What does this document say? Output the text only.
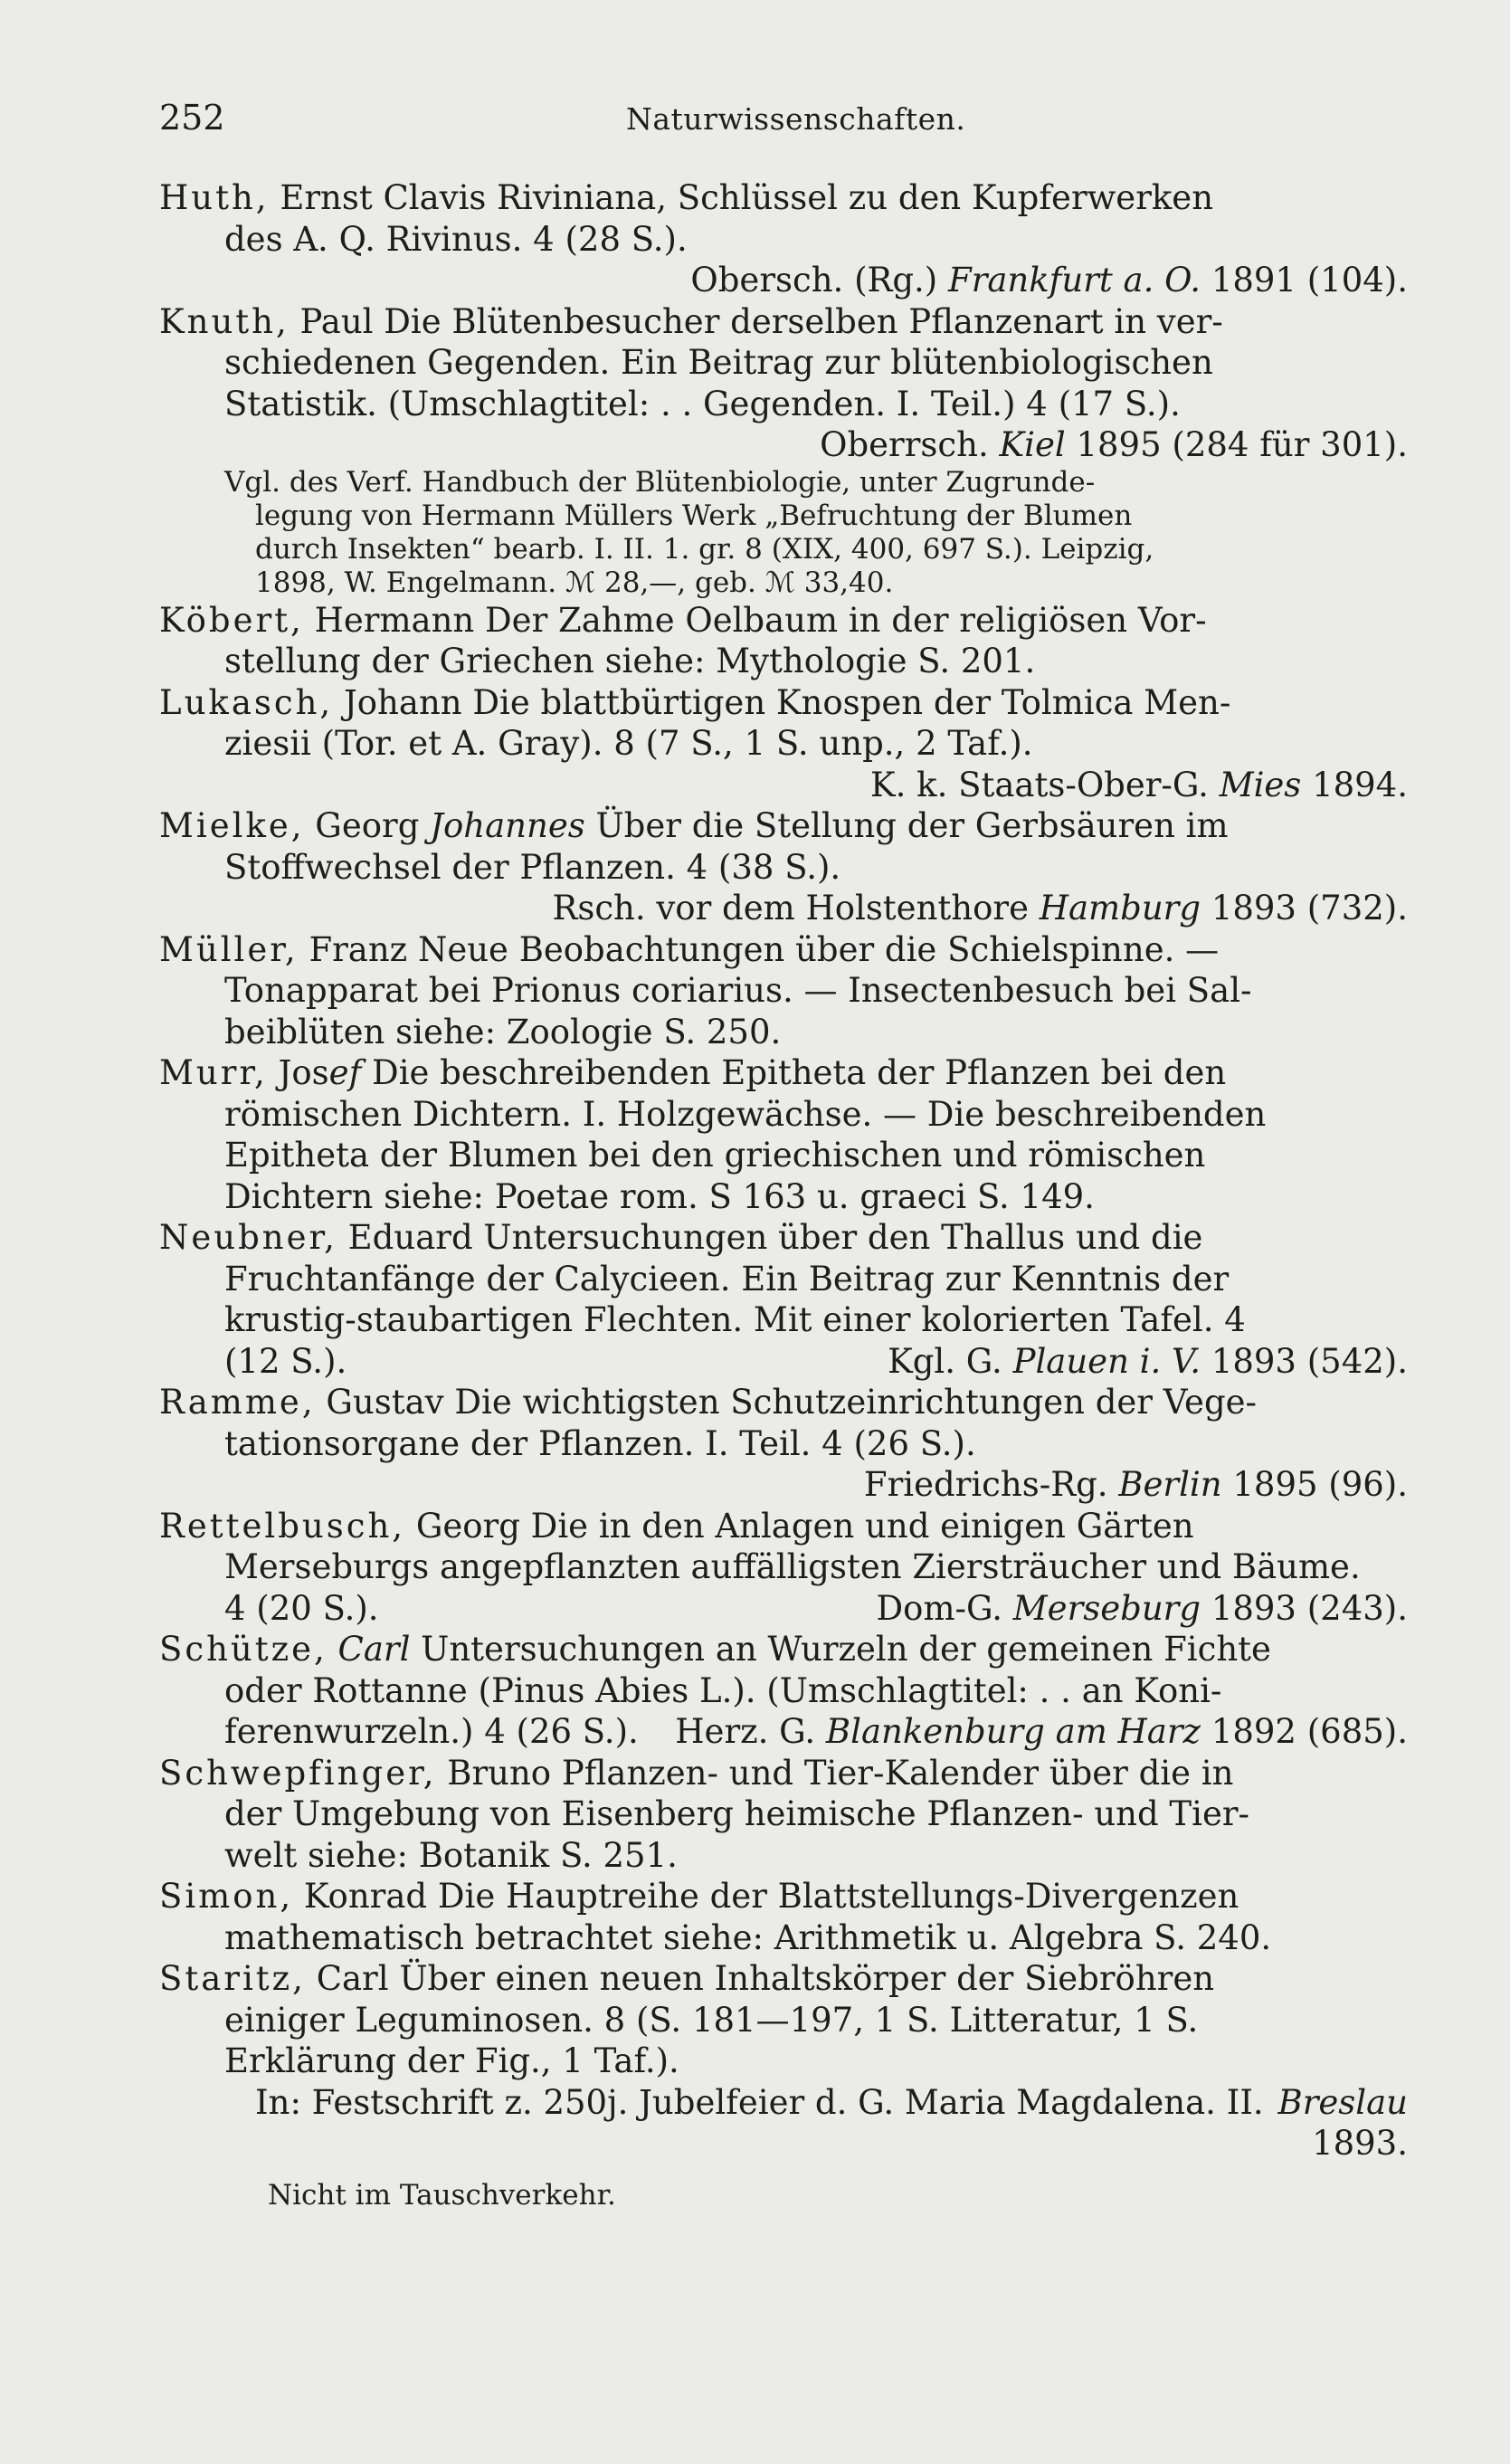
252	Naturwissenschaften.
Huth, Ernst Clavis Riviniana, Schlüssel zu den Kupferwerken
des A. Q. Rivinus. 4 (28 S.).
Obersch. (Rg.) Frankfurt a. O. 1891 (104).
Knuth, Paul Die Blütenbesucher derselben Pflanzenart in ver-
schiedenen Gegenden. Ein Beitrag zur blütenbiologischen
Statistik. (Umschlagtitel: . . Gegenden. I. Teil.) 4 (17 S.).
Oberrsch. Kiel 1895 (284 für 301).
Vgl. des Verf. Handbuch der Blütenbiologie, unter Zugrunde-
legung von Hermann Müllers Werk „Befruchtung der Blumen
durch Insekten“ bearb. I. II. 1. gr. 8 (XIX, 400, 697 S.). Leipzig,
1898, W. Engelmann. ℳ 28,—, geb. ℳ 33,40.
Köbert, Hermann Der Zahme Oelbaum in der religiösen Vor-
stellung der Griechen siehe: Mythologie S. 201.
Lukasch, Johann Die blattbürtigen Knospen der Tolmica Men-
ziesii (Tor. et A. Gray). 8 (7 S., 1 S. unp., 2 Taf.).
K. k. Staats-Ober-G. Mies 1894.
Mielke, Georg Johannes Über die Stellung der Gerbsäuren im
Stoffwechsel der Pflanzen. 4 (38 S.).
Rsch. vor dem Holstenthore Hamburg 1893 (732).
Müller, Franz Neue Beobachtungen über die Schielspinne. —
Tonapparat bei Prionus coriarius. — Insectenbesuch bei Sal-
beiblüten siehe: Zoologie S. 250.
Murr, Josef Die beschreibenden Epitheta der Pflanzen bei den
römischen Dichtern. I. Holzgewächse. — Die beschreibenden
Epitheta der Blumen bei den griechischen und römischen
Dichtern siehe: Poetae rom. S 163 u. graeci S. 149.
Neubner, Eduard Untersuchungen über den Thallus und die
Fruchtanfänge der Calycieen. Ein Beitrag zur Kenntnis der
krustig-staubartigen Flechten. Mit einer kolorierten Tafel. 4
(12 S.).	Kgl. G. Plauen i. V. 1893 (542).
Ramme, Gustav Die wichtigsten Schutzeinrichtungen der Vege-
tationsorgane der Pflanzen. I. Teil. 4 (26 S.).
Friedrichs-Rg. Berlin 1895 (96).
Rettelbusch, Georg Die in den Anlagen und einigen Gärten
Merseburgs angepflanzten auffälligsten Ziersträucher und Bäume.
4 (20 S.).	Dom-G. Merseburg 1893 (243).
Schütze, Carl Untersuchungen an Wurzeln der gemeinen Fichte
oder Rottanne (Pinus Abies L.). (Umschlagtitel: . . an Koni-
ferenwurzeln.) 4 (26 S.). Herz. G. Blankenburg am Harz 1892 (685).
Schwepfinger, Bruno Pflanzen- und Tier-Kalender über die in
der Umgebung von Eisenberg heimische Pflanzen- und Tier-
welt siehe: Botanik S. 251.
Simon, Konrad Die Hauptreihe der Blattstellungs-Divergenzen
mathematisch betrachtet siehe: Arithmetik u. Algebra S. 240.
Staritz, Carl Über einen neuen Inhaltskörper der Siebröhren
einiger Leguminosen. 8 (S. 181—197, 1 S. Litteratur, 1 S.
Erklärung der Fig., 1 Taf.).
In: Festschrift z. 250j. Jubelfeier d. G. Maria Magdalena. II. Breslau
1893.
Nicht im Tauschverkehr.
